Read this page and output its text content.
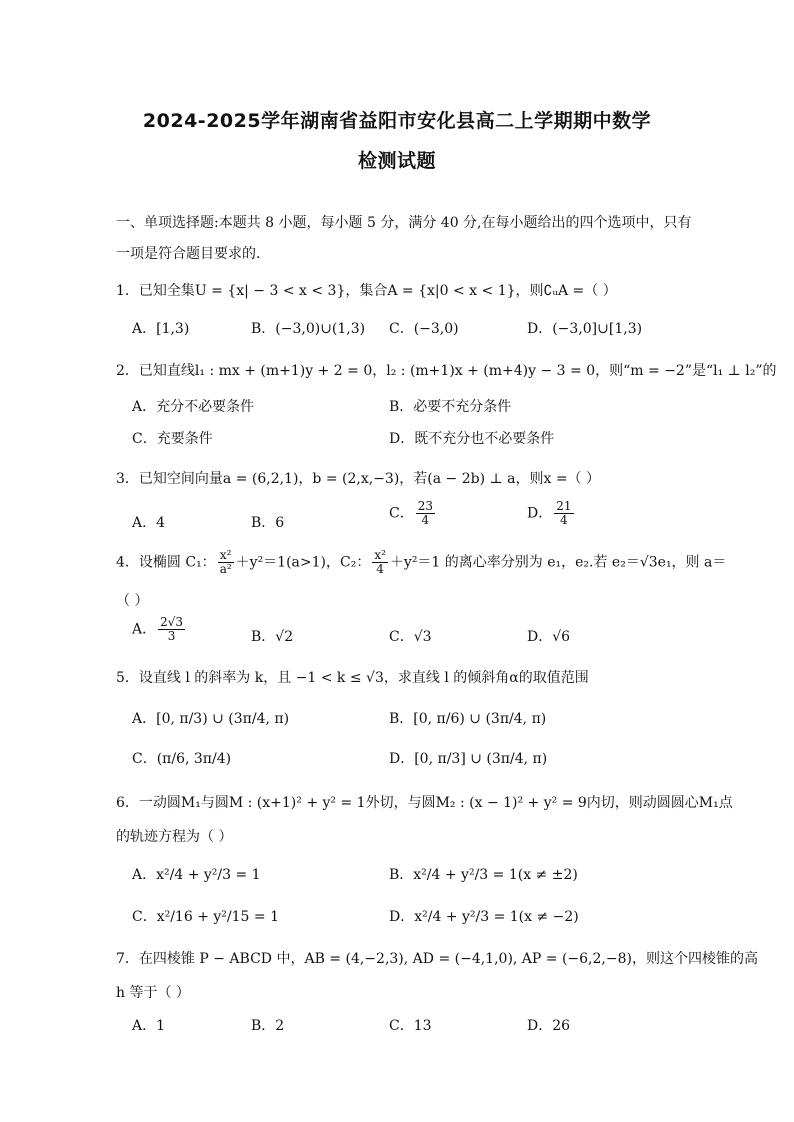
2024-2025学年湖南省益阳市安化县高二上学期期中数学
检测试题
一、单项选择题:本题共 8 小题，每小题 5 分，满分 40 分,在每小题给出的四个选项中，只有
一项是符合题目要求的.
1．已知全集U = {x| − 3 < x < 3}，集合A = {x|0 < x < 1}，则∁ᵤA =（ ）
A．[1,3)	B．(−3,0)∪(1,3) C．(−3,0)	D．(−3,0]∪[1,3)
2．已知直线l₁ : mx + (m+1)y + 2 = 0，l₂ : (m+1)x + (m+4)y − 3 = 0，则“m = −2”是“l₁ ⊥ l₂”的
A．充分不必要条件	B．必要不充分条件
C．充要条件	D．既不充分也不必要条件
3．已知空间向量a = (6,2,1)，b = (2,x,−3)，若(a − 2b) ⊥ a，则x =（ ）
A．4	B．6
C． $\frac{23}{4}$	D． $\frac{21}{4}$
4．设椭圆 C₁： $\frac{\text{x²}}{\text{a²}} +y^2=1(a>1)$，C₂： $\frac{\text{x²}}{4} +y^2=1$ 的离心率分别为 e₁，e₂.若 e₂＝√3e₁，则 a＝
（ ）
A． $\frac{2√3}{3}$	B．√2	C．√3	D．√6
5．设直线 l 的斜率为 k，且 −1 < k ≤ √3，求直线 l 的倾斜角α的取值范围
A．[0, π/3) ∪ (3π/4, π)	B．[0, π/6) ∪ (3π/4, π)
C．(π/6, 3π/4)	D．[0, π/3] ∪ (3π/4, π)
6．一动圆M₁与圆M : (x+1)² + y² = 1外切，与圆M₂ : (x − 1)² + y² = 9内切，则动圆圆心M₁点
的轨迹方程为（ ）
A．x²/4 + y²/3 = 1	B．x²/4 + y²/3 = 1(x ≠ ±2)
C．x²/16 + y²/15 = 1	D．x²/4 + y²/3 = 1(x ≠ −2)
7．在四棱锥 P − ABCD 中，AB = (4,−2,3), AD = (−4,1,0), AP = (−6,2,−8)，则这个四棱锥的高
h 等于（ ）
A．1	B．2	C．13	D．26
